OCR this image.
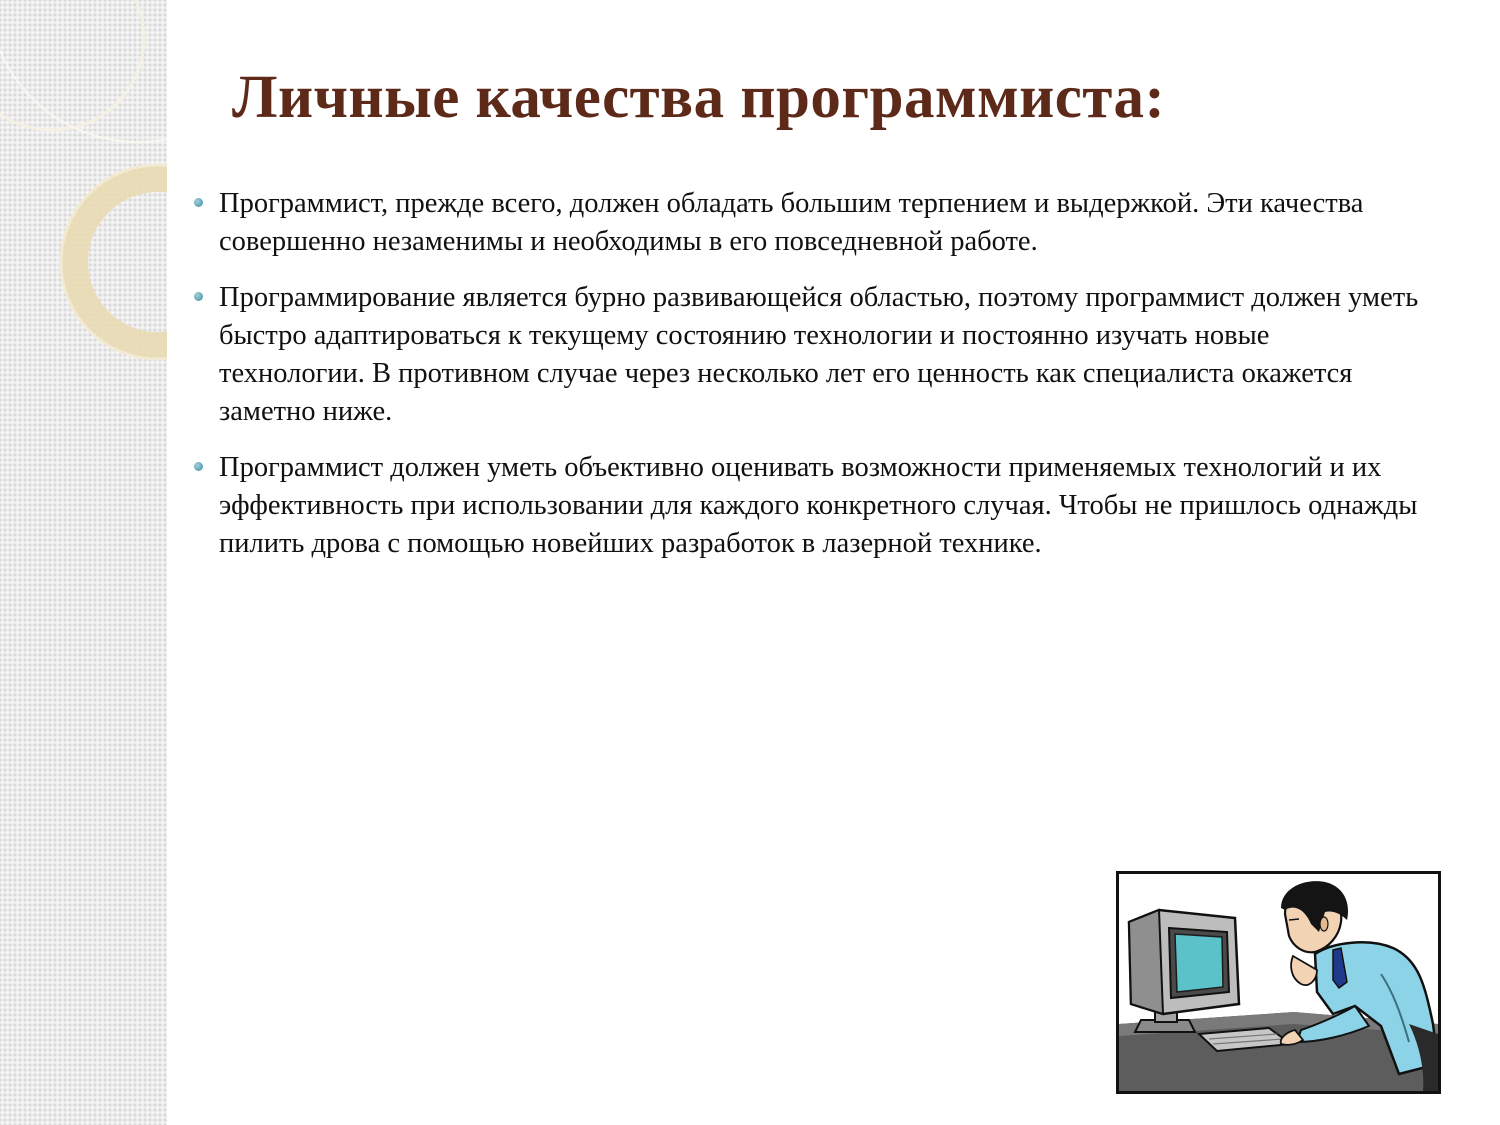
Личные качества программиста:
Программист, прежде всего, должен обладать большим терпением и выдержкой. Эти качества совершенно незаменимы и необходимы в его повседневной работе.
Программирование является бурно развивающейся областью, поэтому программист должен уметь быстро адаптироваться к текущему состоянию технологии и постоянно изучать новые технологии. В противном случае через несколько лет его ценность как специалиста окажется заметно ниже.
Программист должен уметь объективно оценивать возможности применяемых технологий и их эффективность при использовании для каждого конкретного случая. Чтобы не пришлось однажды пилить дрова с помощью новейших разработок в лазерной технике.
